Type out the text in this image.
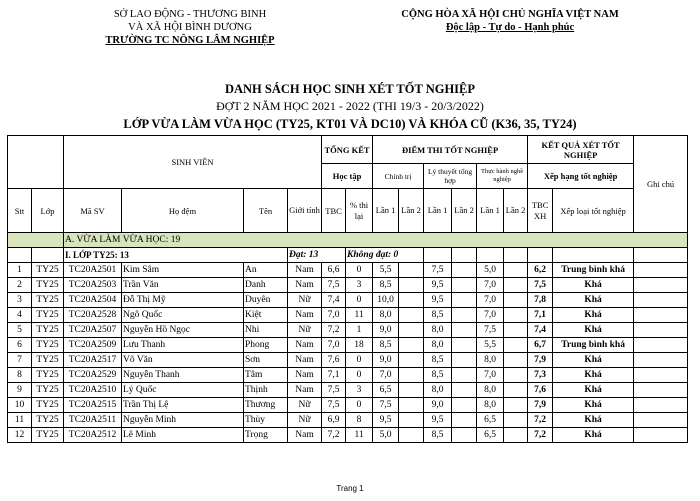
SỞ LAO ĐỘNG - THƯƠNG BINH
VÀ XÃ HỘI BÌNH DƯƠNG
TRƯỜNG TC NÔNG LÂM NGHIỆP
CỘNG HÒA XÃ HỘI CHỦ NGHĨA VIỆT NAM
Độc lập - Tự do - Hạnh phúc
DANH SÁCH HỌC SINH XÉT TỐT NGHIỆP
ĐỢT 2 NĂM HỌC 2021 - 2022 (THI 19/3 - 20/3/2022)
LỚP VỪA LÀM VỪA HỌC (TY25, KT01 VÀ DC10) VÀ KHÓA CŨ (K36, 35, TY24)
		SINH VIÊN				TỔNG KẾT		ĐIỂM THI TỐT NGHIỆP						KẾT QUẢ XÉT TỐT NGHIỆP		Ghi chú
						Học tập		Chính trị		Lý thuyết tổng hợp		Thực hành nghề nghiệp		Xếp hạng tốt nghiệp		
Stt	Lớp	Mã SV	Họ đệm	Tên	Giới tính	TBC	% thi lại	Lần 1	Lần 2	Lần 1	Lần 2	Lần 1	Lần 2	TBC XH	Xếp loại tốt nghiệp	
		A. VỪA LÀM VỪA HỌC: 19														
		I. LỚP TY25: 13			Đạt: 13		Không đạt: 0									
1	TY25	TC20A2501	Kim Sâm	An	Nam	6,6	0	5,5		7,5		5,0		6,2	Trung bình khá	
2	TY25	TC20A2503	Trần Văn	Danh	Nam	7,5	3	8,5		9,5		7,0		7,5	Khá	
3	TY25	TC20A2504	Đỗ Thị Mỹ	Duyên	Nữ	7,4	0	10,0		9,5		7,0		7,8	Khá	
4	TY25	TC20A2528	Ngô Quốc	Kiệt	Nam	7,0	11	8,0		8,5		7,0		7,1	Khá	
5	TY25	TC20A2507	Nguyễn Hồ Ngọc	Nhi	Nữ	7,2	1	9,0		8,0		7,5		7,4	Khá	
6	TY25	TC20A2509	Lưu Thanh	Phong	Nam	7,0	18	8,5		8,0		5,5		6,7	Trung bình khá	
7	TY25	TC20A2517	Võ Văn	Sơn	Nam	7,6	0	9,0		8,5		8,0		7,9	Khá	
8	TY25	TC20A2529	Nguyễn Thanh	Tâm	Nam	7,1	0	7,0		8,5		7,0		7,3	Khá	
9	TY25	TC20A2510	Lý Quốc	Thịnh	Nam	7,5	3	6,5		8,0		8,0		7,6	Khá	
10	TY25	TC20A2515	Trần Thị Lệ	Thương	Nữ	7,5	0	7,5		9,0		8,0		7,9	Khá	
11	TY25	TC20A2511	Nguyễn Minh	Thùy	Nữ	6,9	8	9,5		9,5		6,5		7,2	Khá	
12	TY25	TC20A2512	Lê Minh	Trọng	Nam	7,2	11	5,0		8,5		6,5		7,2	Khá	
Trang 1
